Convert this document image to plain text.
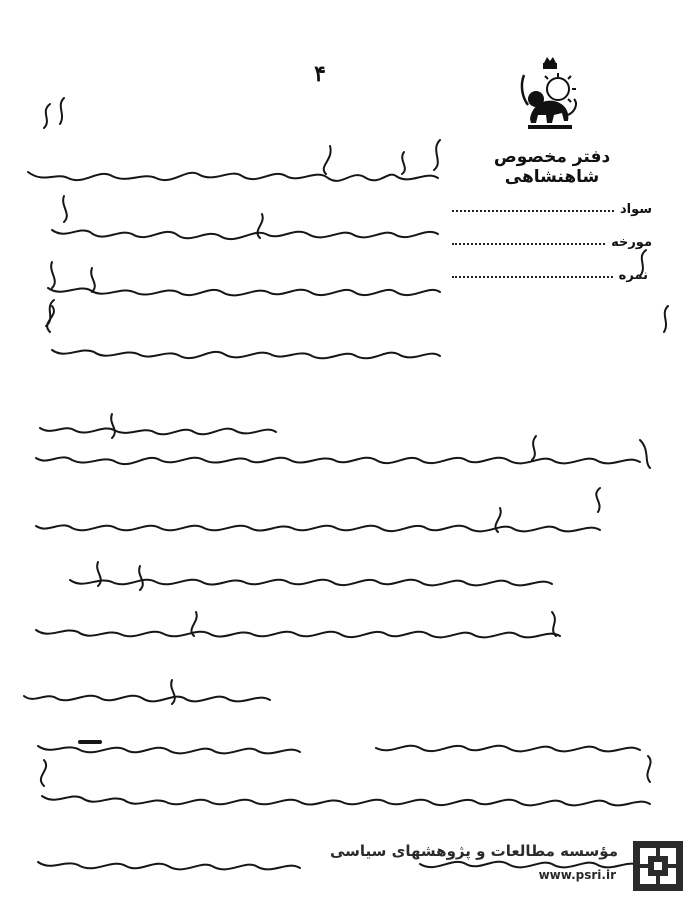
۴
دفتر مخصوص شاهنشاهی
سواد
مورخه
نمره
مؤسسه مطالعات و پژوهشهای سیاسی
www.psri.ir
